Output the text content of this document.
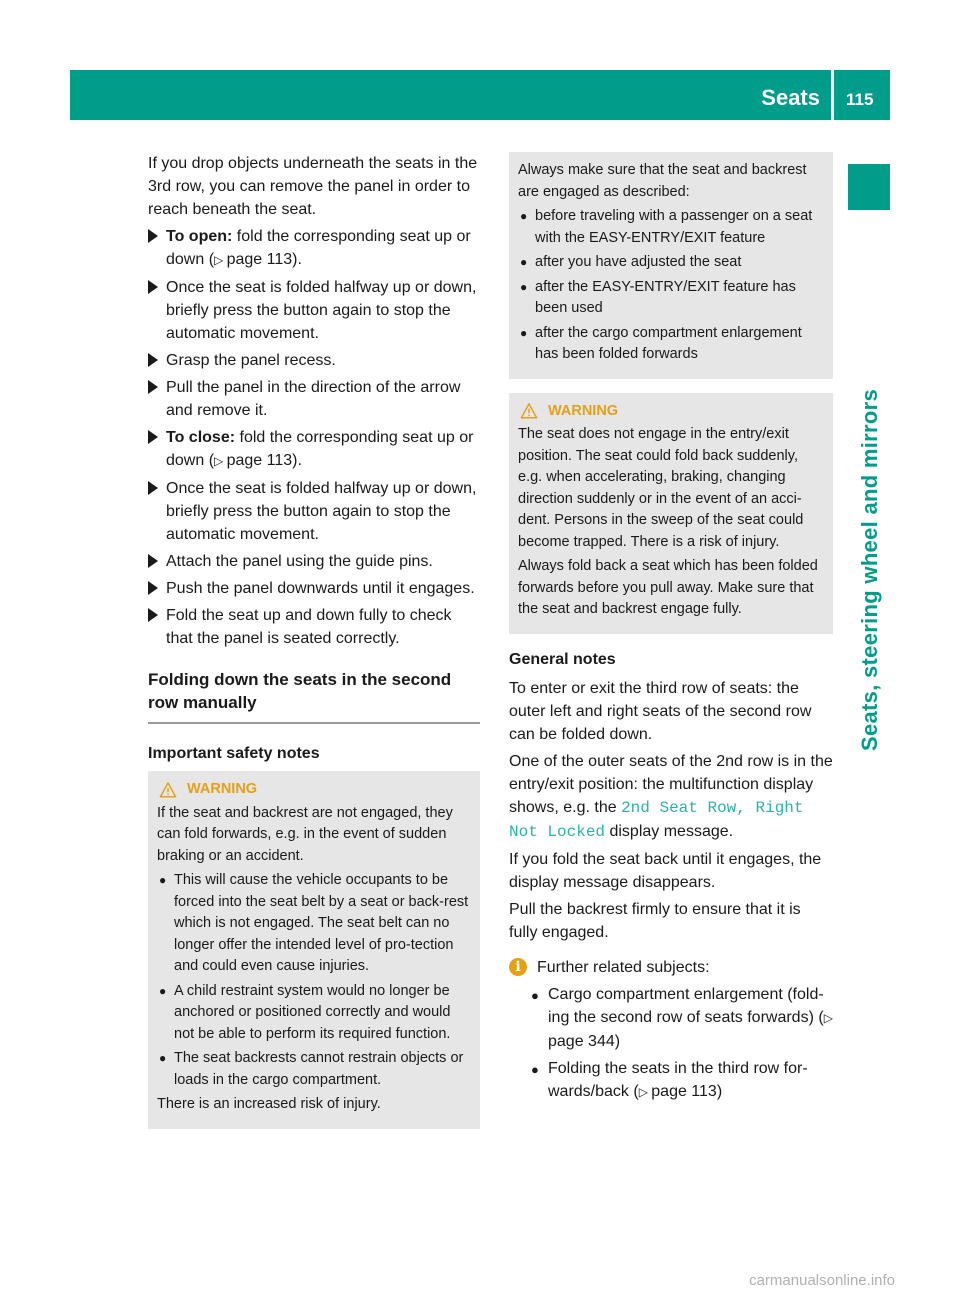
Seats 115
Seats, steering wheel and mirrors

If you drop objects underneath the seats in the 3rd row, you can remove the panel in order to reach beneath the seat.

To open: fold the corresponding seat up or down (▷ page 113).
Once the seat is folded halfway up or down, briefly press the button again to stop the automatic movement.
Grasp the panel recess.
Pull the panel in the direction of the arrow and remove it.
To close: fold the corresponding seat up or down (▷ page 113).
Once the seat is folded halfway up or down, briefly press the button again to stop the automatic movement.
Attach the panel using the guide pins.
Push the panel downwards until it engages.
Fold the seat up and down fully to check that the panel is seated correctly.
Folding down the seats in the second row manually
Important safety notes
WARNING

If the seat and backrest are not engaged, they can fold forwards, e.g. in the event of sudden braking or an accident.

● This will cause the vehicle occupants to be forced into the seat belt by a seat or back-rest which is not engaged. The seat belt can no longer offer the intended level of pro-tection and could even cause injuries.
● A child restraint system would no longer be anchored or positioned correctly and would not be able to perform its required function.
● The seat backrests cannot restrain objects or loads in the cargo compartment.

There is an increased risk of injury.

Always make sure that the seat and backrest are engaged as described:

● before traveling with a passenger on a seat with the EASY-ENTRY/EXIT feature
● after you have adjusted the seat
● after the EASY-ENTRY/EXIT feature has been used
● after the cargo compartment enlargement has been folded forwards
WARNING

The seat does not engage in the entry/exit position. The seat could fold back suddenly, e.g. when accelerating, braking, changing direction suddenly or in the event of an acci-dent. Persons in the sweep of the seat could become trapped. There is a risk of injury.

Always fold back a seat which has been folded forwards before you pull away. Make sure that the seat and backrest engage fully.

General notes

To enter or exit the third row of seats: the outer left and right seats of the second row can be folded down.

One of the outer seats of the 2nd row is in the entry/exit position: the multifunction display shows, e.g. the 2nd Seat Row, Right Not Locked display message.

If you fold the seat back until it engages, the display message disappears.

Pull the backrest firmly to ensure that it is fully engaged.

i	Further related subjects:
● Cargo compartment enlargement (fold-ing the second row of seats forwards) (▷ page 344)
● Folding the seats in the third row for-wards/back (▷ page 113)
carmanualsonline.info
